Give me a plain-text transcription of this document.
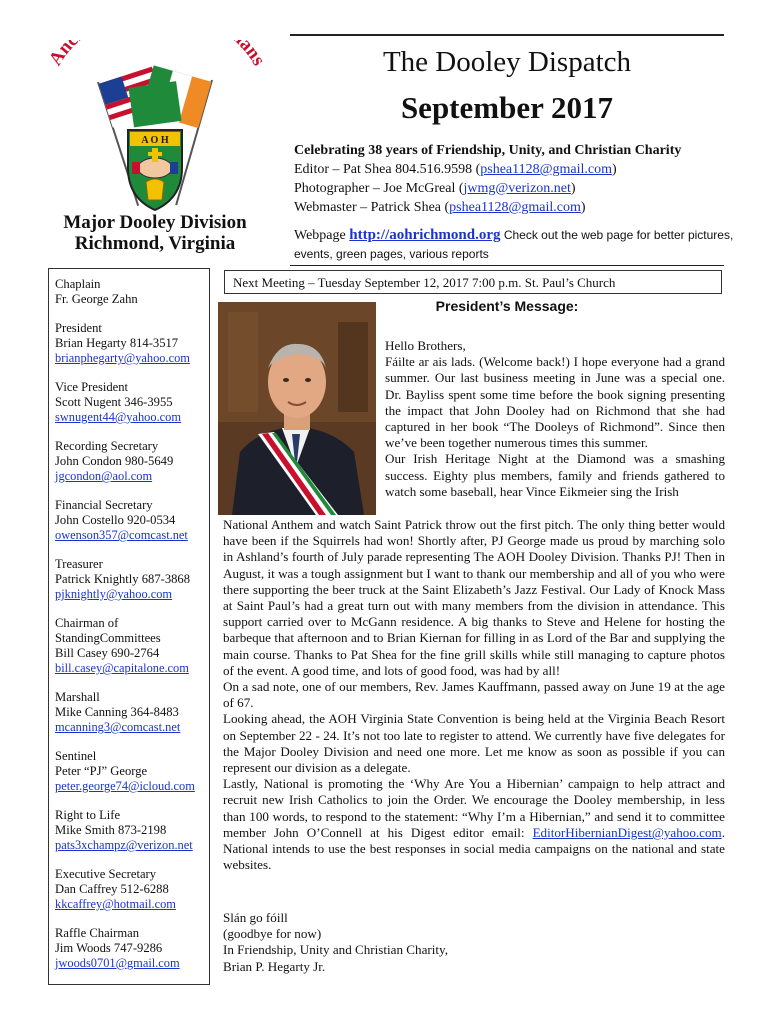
Anc ans
A O H
Major Dooley Division
Richmond, Virginia
The Dooley Dispatch
September 2017
Celebrating 38 years of Friendship, Unity, and Christian Charity
Editor – Pat Shea 804.516.9598 (pshea1128@gmail.com)
Photographer – Joe McGreal (jwmg@verizon.net)
Webmaster – Patrick Shea (pshea1128@gmail.com)
Webpage http://aohrichmond.org Check out the web page for better pictures, events, green pages, various reports
Chaplain
Fr. George Zahn
President
Brian Hegarty 814-3517
brianphegarty@yahoo.com
Vice President
Scott Nugent 346-3955
swnugent44@yahoo.com
Recording Secretary
John Condon 980-5649
jgcondon@aol.com
Financial Secretary
John Costello 920-0534
owenson357@comcast.net
Treasurer
Patrick Knightly 687-3868
pjknightly@yahoo.com
Chairman of
StandingCommittees
Bill Casey 690-2764
bill.casey@capitalone.com
Marshall
Mike Canning 364-8483
mcanning3@comcast.net
Sentinel
Peter “PJ” George
peter.george74@icloud.com
Right to Life
Mike Smith 873-2198
pats3xchampz@verizon.net
Executive Secretary
Dan Caffrey 512-6288
kkcaffrey@hotmail.com
Raffle Chairman
Jim Woods 747-9286
jwoods0701@gmail.com
Next Meeting – Tuesday September 12, 2017 7:00 p.m. St. Paul’s Church
President’s Message:

Hello Brothers,

Fáilte ar ais lads. (Welcome back!) I hope everyone had a grand summer. Our last business meeting in June was a special one. Dr. Bayliss spent some time before the book signing presenting the impact that John Dooley had on Richmond that she had captured in her book “The Dooleys of Richmond”. Since then we’ve been together numerous times this summer.

Our Irish Heritage Night at the Diamond was a smashing success. Eighty plus members, family and friends gathered to watch some baseball, hear Vince Eikmeier sing the Irish

National Anthem and watch Saint Patrick throw out the first pitch. The only thing better would have been if the Squirrels had won! Shortly after, PJ George made us proud by marching solo in Ashland’s fourth of July parade representing The AOH Dooley Division. Thanks PJ! Then in August, it was a tough assignment but I want to thank our membership and all of you who were there supporting the beer truck at the Saint Elizabeth’s Jazz Festival. Our Lady of Knock Mass at Saint Paul’s had a great turn out with many members from the division in attendance. This support carried over to McGann residence. A big thanks to Steve and Helene for hosting the barbeque that afternoon and to Brian Kiernan for filling in as Lord of the Bar and supplying the main course. Thanks to Pat Shea for the fine grill skills while still managing to capture photos of the event. A good time, and lots of good food, was had by all!

On a sad note, one of our members, Rev. James Kauffmann, passed away on June 19 at the age of 67.

Looking ahead, the AOH Virginia State Convention is being held at the Virginia Beach Resort on September 22 - 24. It’s not too late to register to attend. We currently have five delegates for the Major Dooley Division and need one more. Let me know as soon as possible if you can represent our division as a delegate.

Lastly, National is promoting the ‘Why Are You a Hibernian’ campaign to help attract and recruit new Irish Catholics to join the Order. We encourage the Dooley membership, in less than 100 words, to respond to the statement: “Why I’m a Hibernian,” and send it to committee member John O’Connell at his Digest editor email: EditorHibernianDigest@yahoo.com. National intends to use the best responses in social media campaigns on the national and state websites.

Slán go fóill
(goodbye for now)
In Friendship, Unity and Christian Charity,
Brian P. Hegarty Jr.
